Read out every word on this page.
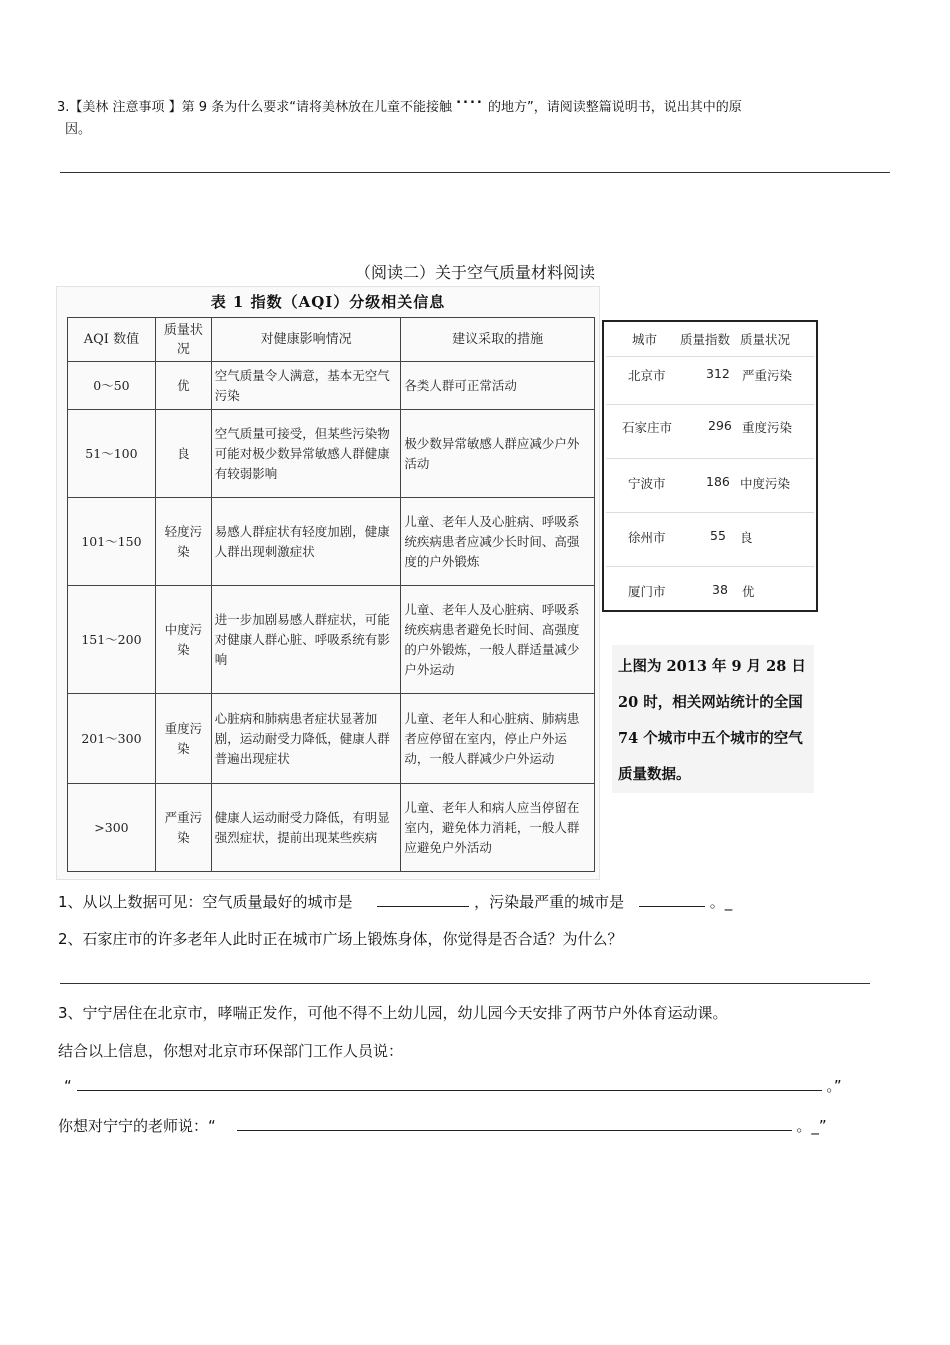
3.【美林 注意事项 】第 9 条为什么要求“请将美林放在儿童不能接触 .... 的地方”，请阅读整篇说明书，说出其中的原
因。
（阅读二）关于空气质量材料阅读
表 1 指数（AQI）分级相关信息
AQI 数值	质量状况	对健康影响情况	建议采取的措施
0～50	优	空气质量令人满意，基本无空气污染	各类人群可正常活动
51～100	良	空气质量可接受，但某些污染物可能对极少数异常敏感人群健康有较弱影响	极少数异常敏感人群应减少户外活动
101～150	轻度污染	易感人群症状有轻度加剧，健康人群出现刺激症状	儿童、老年人及心脏病、呼吸系统疾病患者应减少长时间、高强度的户外锻炼
151～200	中度污染	进一步加剧易感人群症状，可能对健康人群心脏、呼吸系统有影响	儿童、老年人及心脏病、呼吸系统疾病患者避免长时间、高强度的户外锻炼，一般人群适量减少户外运动
201～300	重度污染	心脏病和肺病患者症状显著加剧，运动耐受力降低，健康人群普遍出现症状	儿童、老年人和心脏病、肺病患者应停留在室内，停止户外运动，一般人群减少户外运动
>300	严重污染	健康人运动耐受力降低，有明显强烈症状，提前出现某些疾病	儿童、老年人和病人应当停留在室内，避免体力消耗，一般人群应避免户外活动
城市 质量指数 质量状况
北京市	312 严重污染
石家庄市	296 重度污染
宁波市	186 中度污染
徐州市	55 良
厦门市	38 优
上图为 2013 年 9 月 28 日 20 时，相关网站统计的全国 74 个城市中五个城市的空气质量数据。
1、从以上数据可见：空气质量最好的城市是	，污染最严重的城市是	。_
2、石家庄市的许多老年人此时正在城市广场上锻炼身体，你觉得是否合适？为什么？
3、宁宁居住在北京市，哮喘正发作，可他不得不上幼儿园，幼儿园今天安排了两节户外体育运动课。
结合以上信息，你想对北京市环保部门工作人员说：
“	。”
你想对宁宁的老师说：“	。_”
